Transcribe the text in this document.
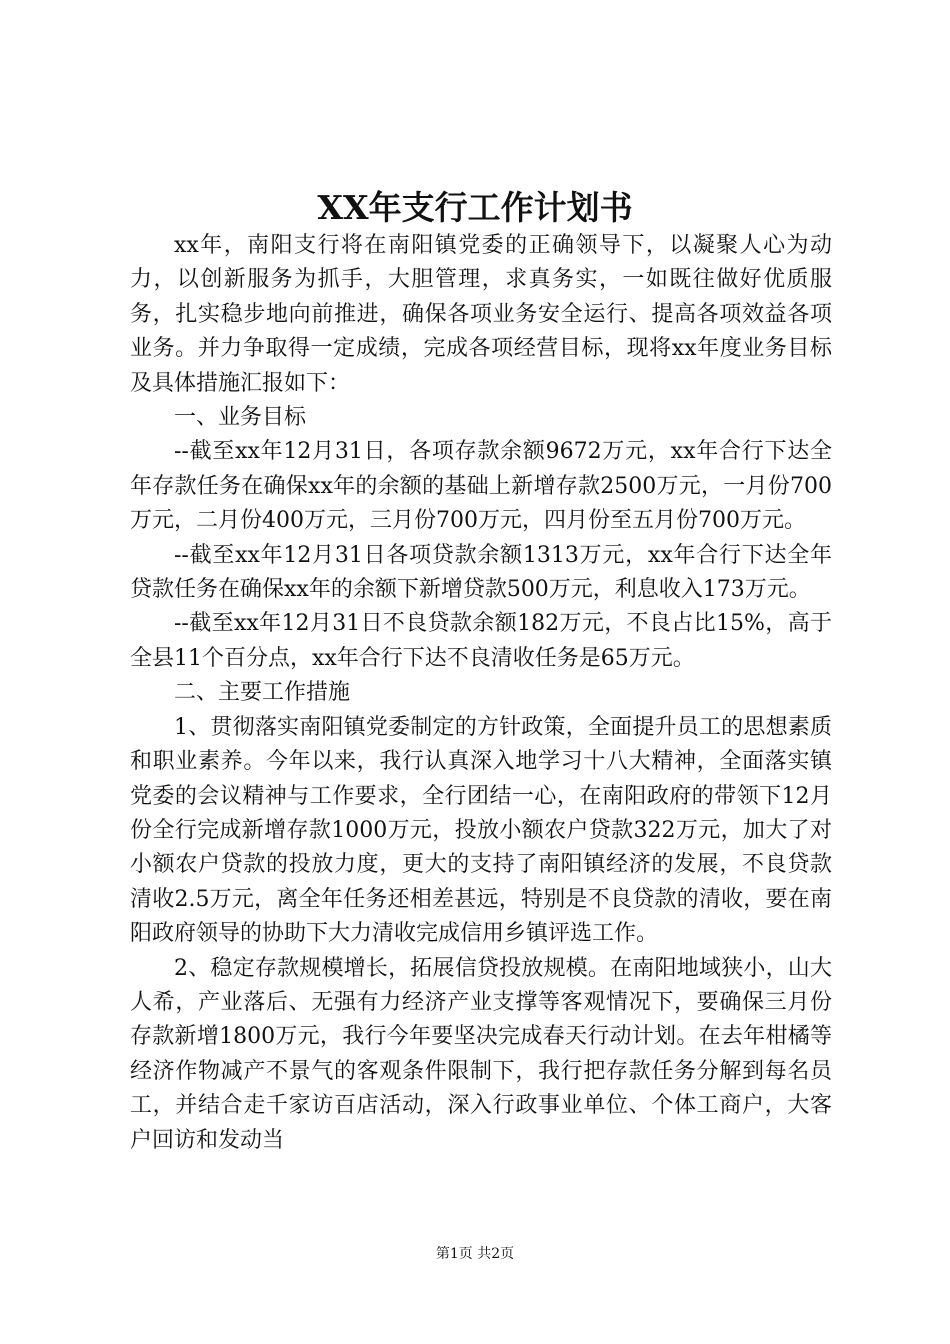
XX年支行工作计划书

xx年，南阳支行将在南阳镇党委的正确领导下，以凝聚人心为动力，以创新服务为抓手，大胆管理，求真务实，一如既往做好优质服务，扎实稳步地向前推进，确保各项业务安全运行、提高各项效益各项业务。并力争取得一定成绩，完成各项经营目标，现将xx年度业务目标及具体措施汇报如下：

一、业务目标

--截至xx年12月31日，各项存款余额9672万元，xx年合行下达全年存款任务在确保xx年的余额的基础上新增存款2500万元，一月份700万元，二月份400万元，三月份700万元，四月份至五月份700万元。

--截至xx年12月31日各项贷款余额1313万元，xx年合行下达全年贷款任务在确保xx年的余额下新增贷款500万元，利息收入173万元。

--截至xx年12月31日不良贷款余额182万元，不良占比15%，高于全县11个百分点，xx年合行下达不良清收任务是65万元。

二、主要工作措施

1、贯彻落实南阳镇党委制定的方针政策，全面提升员工的思想素质和职业素养。今年以来，我行认真深入地学习十八大精神，全面落实镇党委的会议精神与工作要求，全行团结一心，在南阳政府的带领下12月份全行完成新增存款1000万元，投放小额农户贷款322万元，加大了对小额农户贷款的投放力度，更大的支持了南阳镇经济的发展，不良贷款清收2.5万元，离全年任务还相差甚远，特别是不良贷款的清收，要在南阳政府领导的协助下大力清收完成信用乡镇评选工作。

2、稳定存款规模增长，拓展信贷投放规模。在南阳地域狭小，山大人希，产业落后、无强有力经济产业支撑等客观情况下，要确保三月份存款新增1800万元，我行今年要坚决完成春天行动计划。在去年柑橘等经济作物减产不景气的客观条件限制下，我行把存款任务分解到每名员工，并结合走千家访百店活动，深入行政事业单位、个体工商户，大客户回访和发动当

第1页 共2页
